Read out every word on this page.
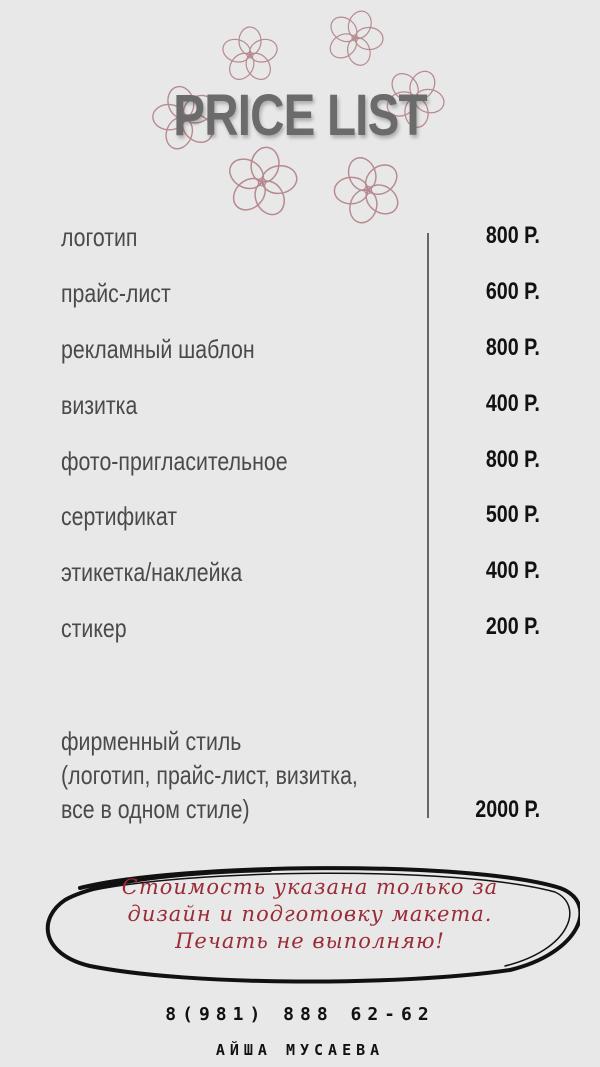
PRICE LIST
логотип	800 Р.
прайс-лист	600 Р.
рекламный шаблон	800 Р.
визитка	400 Р.
фото-пригласительное	800 Р.
сертификат	500 Р.
этикетка/наклейка	400 Р.
стикер	200 Р.
фирменный стиль
(логотип, прайс-лист, визитка,
все в одном стиле)	2000 Р.
Стоимость указана только за
дизайн и подготовку макета.
Печать не выполняю!
8(981) 888 62-62
АЙША МУСАЕВА
